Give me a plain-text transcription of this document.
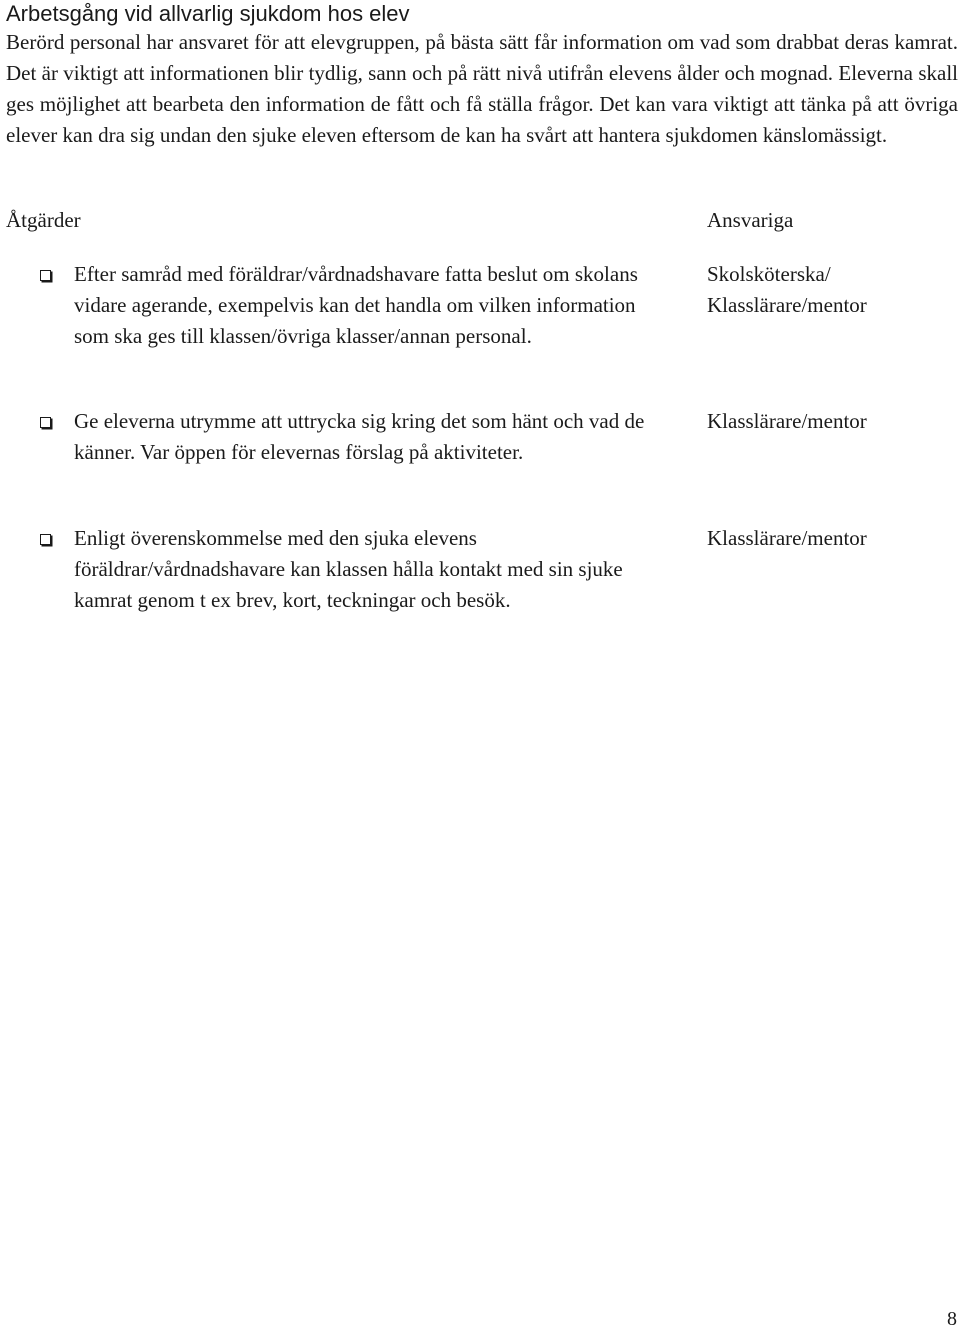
Arbetsgång vid allvarlig sjukdom hos elev

Berörd personal har ansvaret för att elevgruppen, på bästa sätt får information om vad som drabbat deras kamrat. Det är viktigt att informationen blir tydlig, sann och på rätt nivå utifrån elevens ålder och mognad. Eleverna skall ges möjlighet att bearbeta den information de fått och få ställa frågor. Det kan vara viktigt att tänka på att övriga elever kan dra sig undan den sjuke eleven eftersom de kan ha svårt att hantera sjukdomen känslomässigt.

Åtgärder	Ansvariga

Efter samråd med föräldrar/vårdnadshavare fatta beslut om skolans vidare agerande, exempelvis kan det handla om vilken information som ska ges till klassen/övriga klasser/annan personal.

Skolsköterska/
Klasslärare/mentor

Ge eleverna utrymme att uttrycka sig kring det som hänt och vad de känner. Var öppen för elevernas förslag på aktiviteter.

Klasslärare/mentor

Enligt överenskommelse med den sjuka elevens föräldrar/vårdnadshavare kan klassen hålla kontakt med sin sjuke kamrat genom t ex brev, kort, teckningar och besök.

Klasslärare/mentor

8
